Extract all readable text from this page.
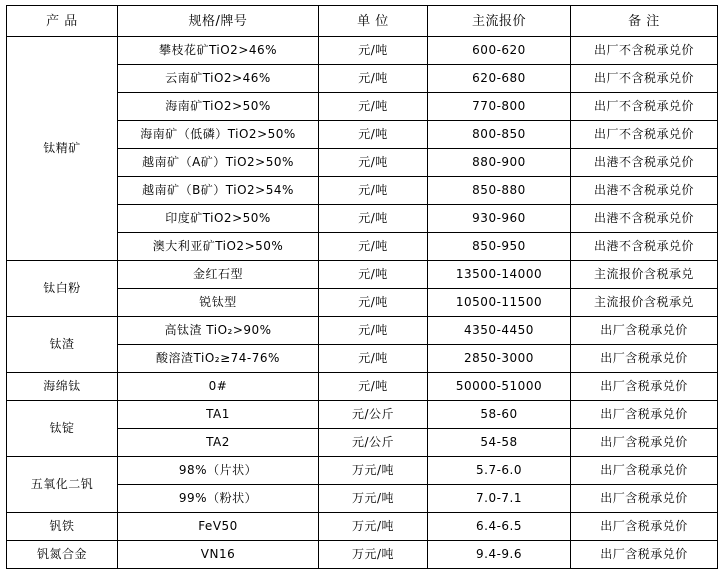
产 品	规格/牌号	单 位	主流报价	备 注
钛精矿	攀枝花矿TiO2>46%	元/吨	600-620	出厂不含税承兑价
	云南矿TiO2>46%	元/吨	620-680	出厂不含税承兑价
	海南矿TiO2>50%	元/吨	770-800	出厂不含税承兑价
	海南矿（低磷）TiO2>50%	元/吨	800-850	出厂不含税承兑价
	越南矿（A矿）TiO2>50%	元/吨	880-900	出港不含税承兑价
	越南矿（B矿）TiO2>54%	元/吨	850-880	出港不含税承兑价
	印度矿TiO2>50%	元/吨	930-960	出港不含税承兑价
	澳大利亚矿TiO2>50%	元/吨	850-950	出港不含税承兑价
钛白粉	金红石型	元/吨	13500-14000	主流报价含税承兑
	锐钛型	元/吨	10500-11500	主流报价含税承兑
钛渣	高钛渣 TiO₂>90%	元/吨	4350-4450	出厂含税承兑价
	酸溶渣TiO₂≥74-76%	元/吨	2850-3000	出厂含税承兑价
海绵钛	0#	元/吨	50000-51000	出厂含税承兑价
钛锭	TA1	元/公斤	58-60	出厂含税承兑价
	TA2	元/公斤	54-58	出厂含税承兑价
五氧化二钒	98%（片状）	万元/吨	5.7-6.0	出厂含税承兑价
	99%（粉状）	万元/吨	7.0-7.1	出厂含税承兑价
钒铁	FeV50	万元/吨	6.4-6.5	出厂含税承兑价
钒氮合金	VN16	万元/吨	9.4-9.6	出厂含税承兑价
